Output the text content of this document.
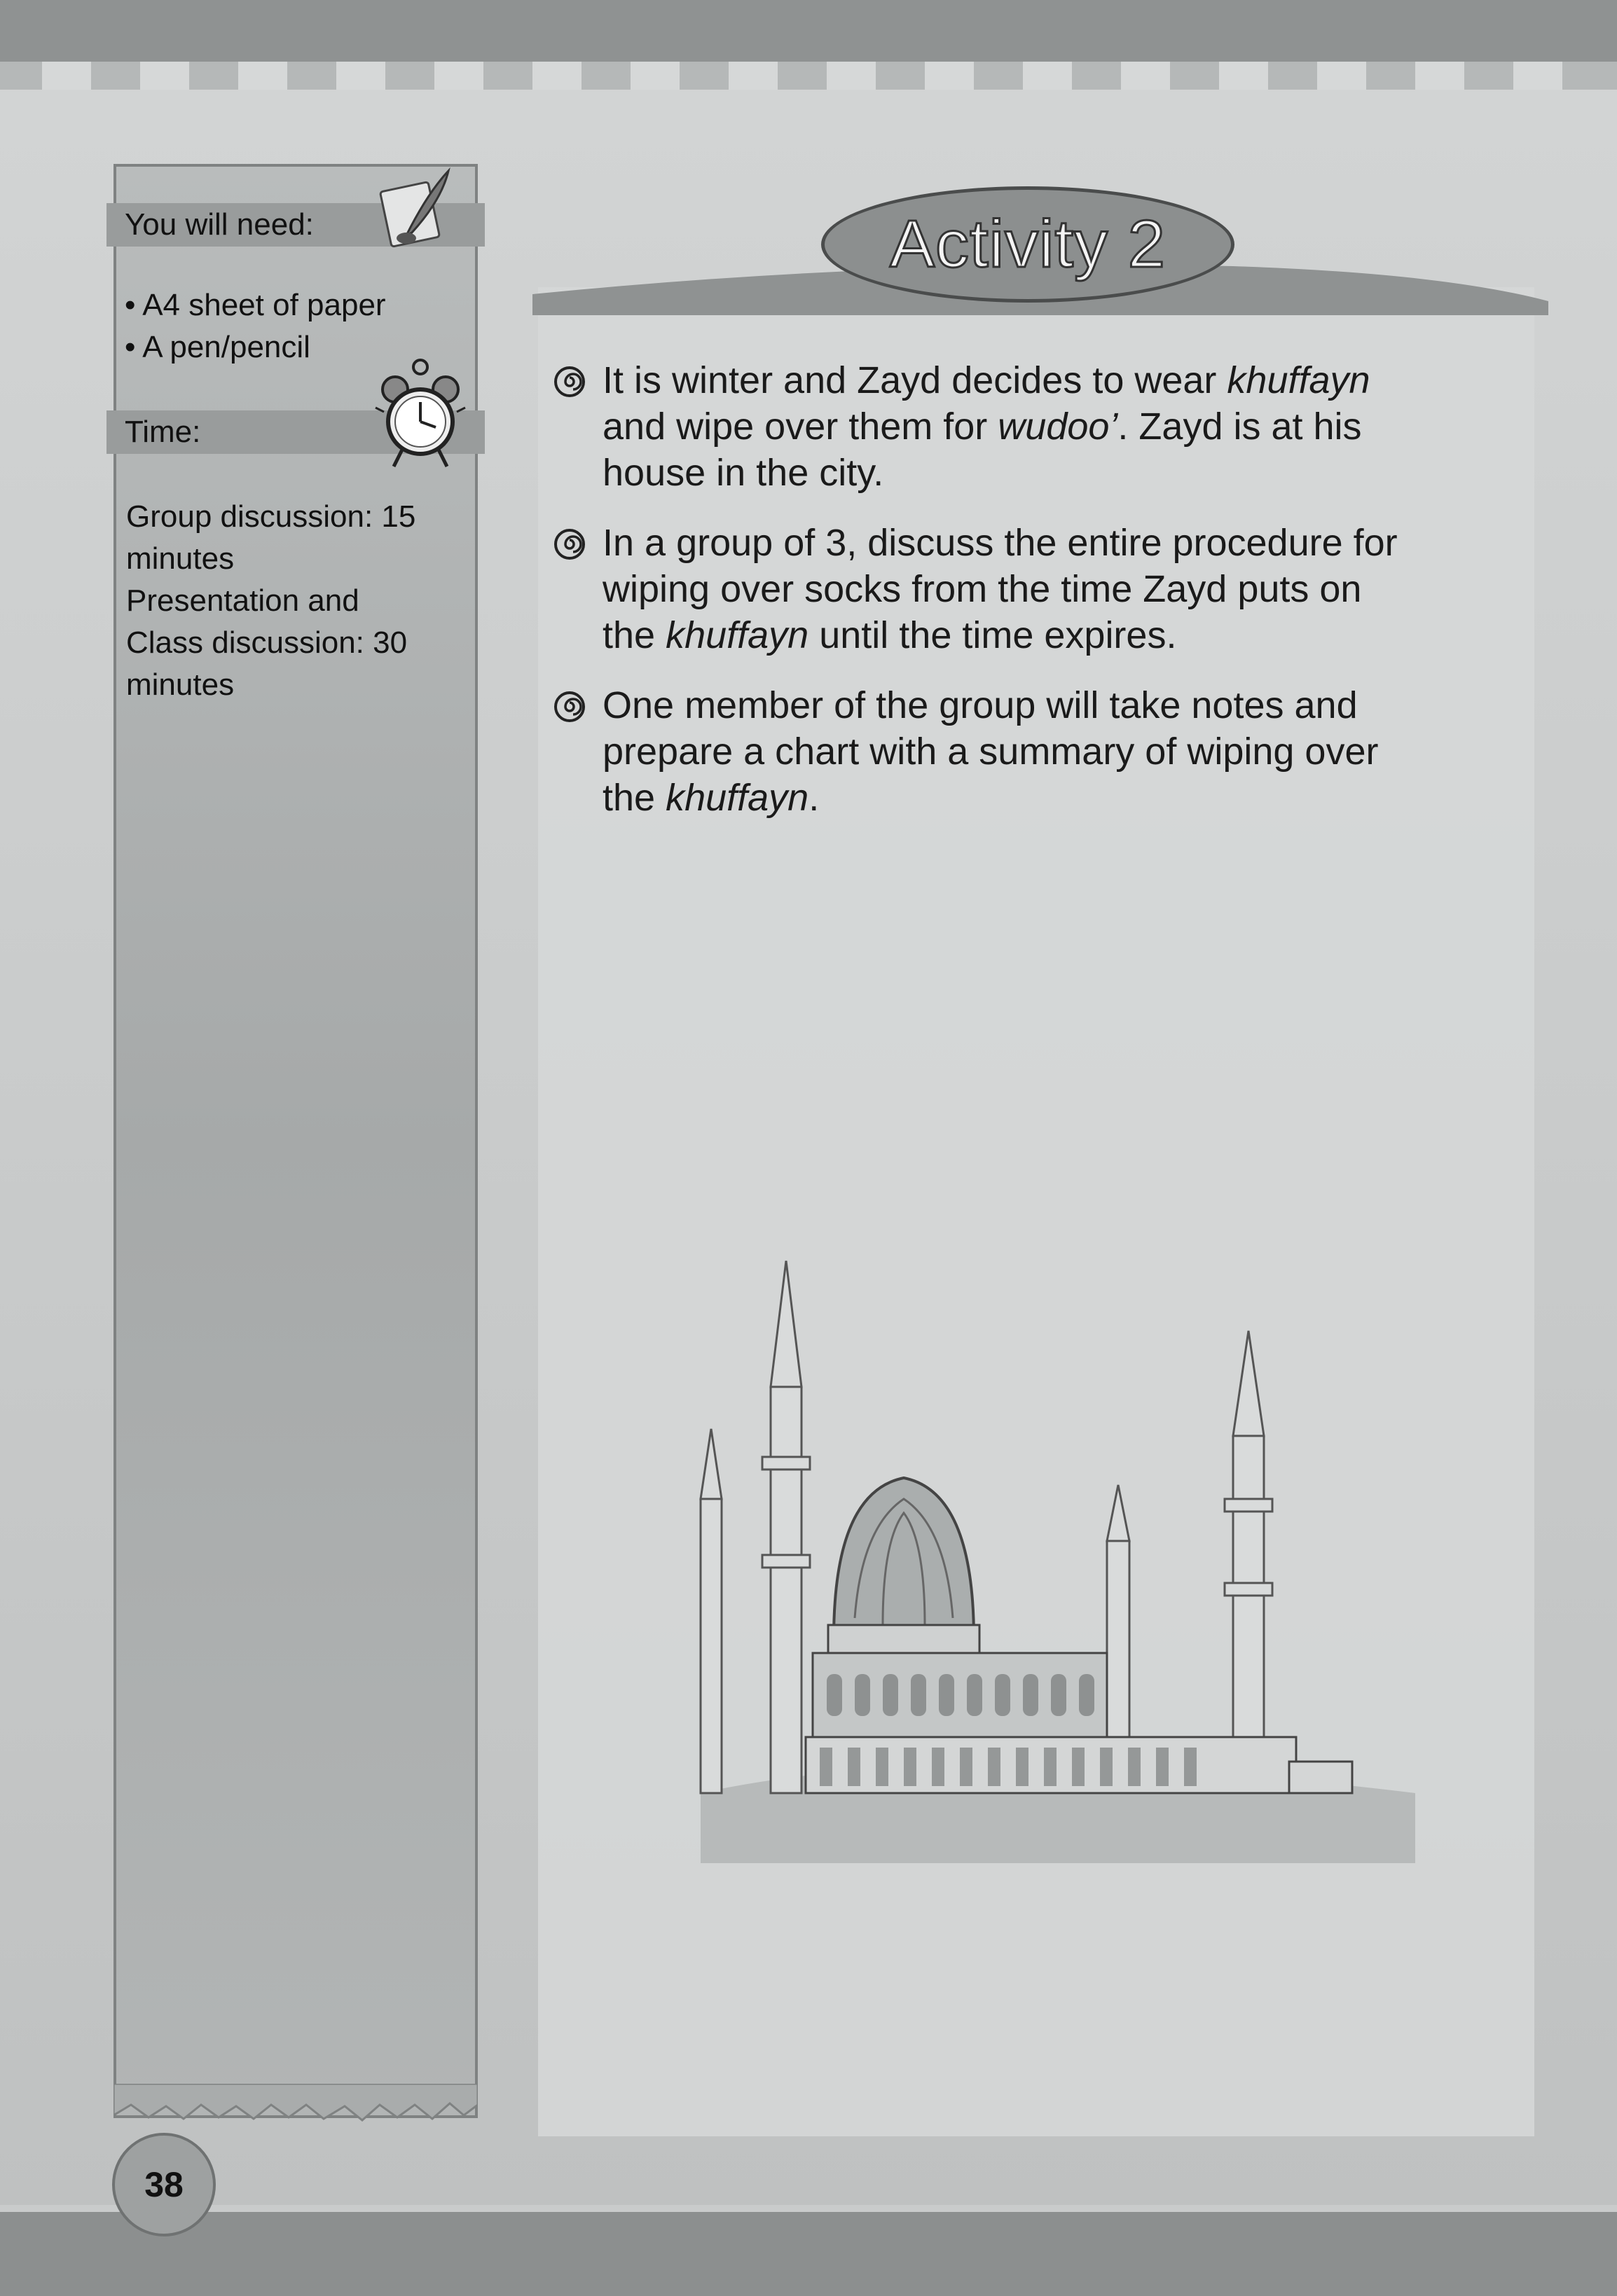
You will need:
• A4 sheet of paper
• A pen/pencil
Time:
Group discussion: 15
minutes
Presentation and
Class discussion: 30
minutes
Activity 2
It is winter and Zayd decides to wear khuffayn
and wipe over them for wudoo’. Zayd is at his
house in the city.
In a group of 3, discuss the entire procedure for
wiping over socks from the time Zayd puts on
the khuffayn until the time expires.
One member of the group will take notes and
prepare a chart with a summary of wiping over
the khuffayn.
38
